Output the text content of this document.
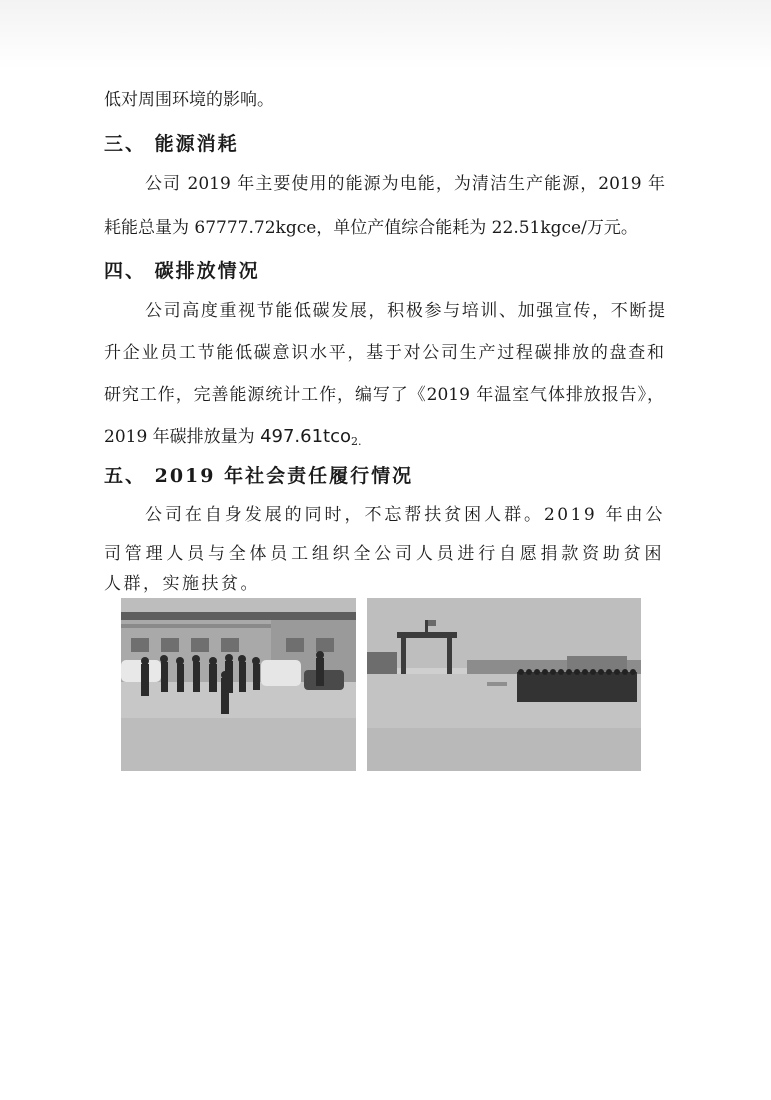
低对周围环境的影响。
三、 能源消耗
公司 2019 年主要使用的能源为电能，为清洁生产能源，2019 年
耗能总量为 67777.72kgce，单位产值综合能耗为 22.51kgce/万元。
四、 碳排放情况
公司高度重视节能低碳发展，积极参与培训、加强宣传，不断提
升企业员工节能低碳意识水平，基于对公司生产过程碳排放的盘查和
研究工作，完善能源统计工作，编写了《2019 年温室气体排放报告》，
2019 年碳排放量为 497.61tco$_{2.}$
五、 2019 年社会责任履行情况
公司在自身发展的同时，不忘帮扶贫困人群。2019 年由公
司管理人员与全体员工组织全公司人员进行自愿捐款资助贫困
人群，实施扶贫。
